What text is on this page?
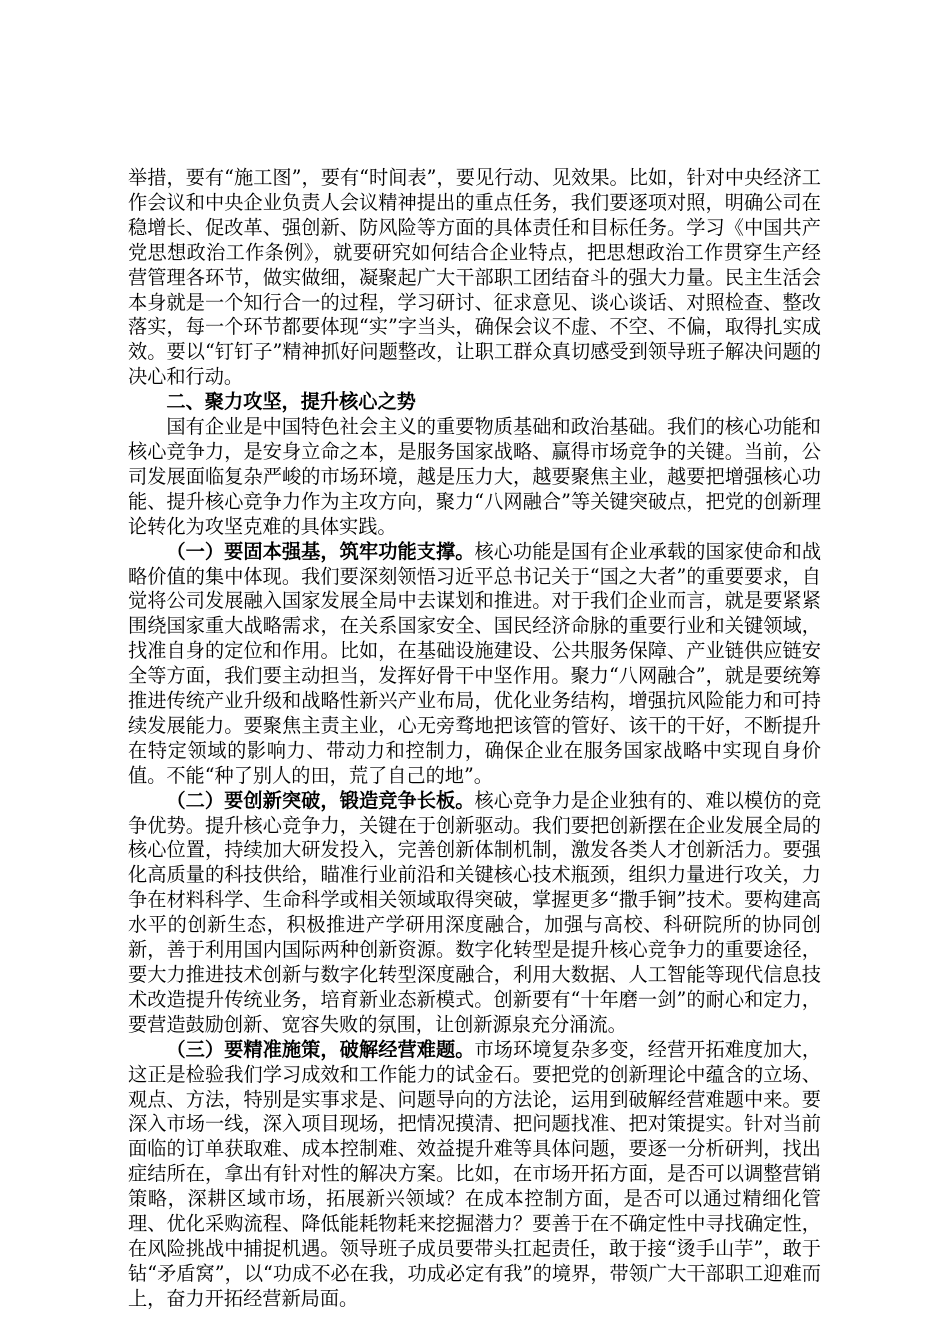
举措，要有“施工图”，要有“时间表”，要见行动、见效果。比如，针对中央经济工作会议和中央企业负责人会议精神提出的重点任务，我们要逐项对照，明确公司在稳增长、促改革、强创新、防风险等方面的具体责任和目标任务。学习《中国共产党思想政治工作条例》，就要研究如何结合企业特点，把思想政治工作贯穿生产经营管理各环节，做实做细，凝聚起广大干部职工团结奋斗的强大力量。民主生活会本身就是一个知行合一的过程，学习研讨、征求意见、谈心谈话、对照检查、整改落实，每一个环节都要体现“实”字当头，确保会议不虚、不空、不偏，取得扎实成效。要以“钉钉子”精神抓好问题整改，让职工群众真切感受到领导班子解决问题的决心和行动。

二、聚力攻坚，提升核心之势

国有企业是中国特色社会主义的重要物质基础和政治基础。我们的核心功能和核心竞争力，是安身立命之本，是服务国家战略、赢得市场竞争的关键。当前，公司发展面临复杂严峻的市场环境，越是压力大，越要聚焦主业，越要把增强核心功能、提升核心竞争力作为主攻方向，聚力“八网融合”等关键突破点，把党的创新理论转化为攻坚克难的具体实践。

（一）要固本强基，筑牢功能支撑。核心功能是国有企业承载的国家使命和战略价值的集中体现。我们要深刻领悟习近平总书记关于“国之大者”的重要要求，自觉将公司发展融入国家发展全局中去谋划和推进。对于我们企业而言，就是要紧紧围绕国家重大战略需求，在关系国家安全、国民经济命脉的重要行业和关键领域，找准自身的定位和作用。比如，在基础设施建设、公共服务保障、产业链供应链安全等方面，我们要主动担当，发挥好骨干中坚作用。聚力“八网融合”，就是要统筹推进传统产业升级和战略性新兴产业布局，优化业务结构，增强抗风险能力和可持续发展能力。要聚焦主责主业，心无旁骛地把该管的管好、该干的干好，不断提升在特定领域的影响力、带动力和控制力，确保企业在服务国家战略中实现自身价值。不能“种了别人的田，荒了自己的地”。

（二）要创新突破，锻造竞争长板。核心竞争力是企业独有的、难以模仿的竞争优势。提升核心竞争力，关键在于创新驱动。我们要把创新摆在企业发展全局的核心位置，持续加大研发投入，完善创新体制机制，激发各类人才创新活力。要强化高质量的科技供给，瞄准行业前沿和关键核心技术瓶颈，组织力量进行攻关，力争在材料科学、生命科学或相关领域取得突破，掌握更多“撒手锏”技术。要构建高水平的创新生态，积极推进产学研用深度融合，加强与高校、科研院所的协同创新，善于利用国内国际两种创新资源。数字化转型是提升核心竞争力的重要途径，要大力推进技术创新与数字化转型深度融合，利用大数据、人工智能等现代信息技术改造提升传统业务，培育新业态新模式。创新要有“十年磨一剑”的耐心和定力，要营造鼓励创新、宽容失败的氛围，让创新源泉充分涌流。

（三）要精准施策，破解经营难题。市场环境复杂多变，经营开拓难度加大，这正是检验我们学习成效和工作能力的试金石。要把党的创新理论中蕴含的立场、观点、方法，特别是实事求是、问题导向的方法论，运用到破解经营难题中来。要深入市场一线，深入项目现场，把情况摸清、把问题找准、把对策提实。针对当前面临的订单获取难、成本控制难、效益提升难等具体问题，要逐一分析研判，找出症结所在，拿出有针对性的解决方案。比如，在市场开拓方面，是否可以调整营销策略，深耕区域市场，拓展新兴领域？在成本控制方面，是否可以通过精细化管理、优化采购流程、降低能耗物耗来挖掘潜力？要善于在不确定性中寻找确定性，在风险挑战中捕捉机遇。领导班子成员要带头扛起责任，敢于接“烫手山芋”，敢于钻“矛盾窝”，以“功成不必在我，功成必定有我”的境界，带领广大干部职工迎难而上，奋力开拓经营新局面。
